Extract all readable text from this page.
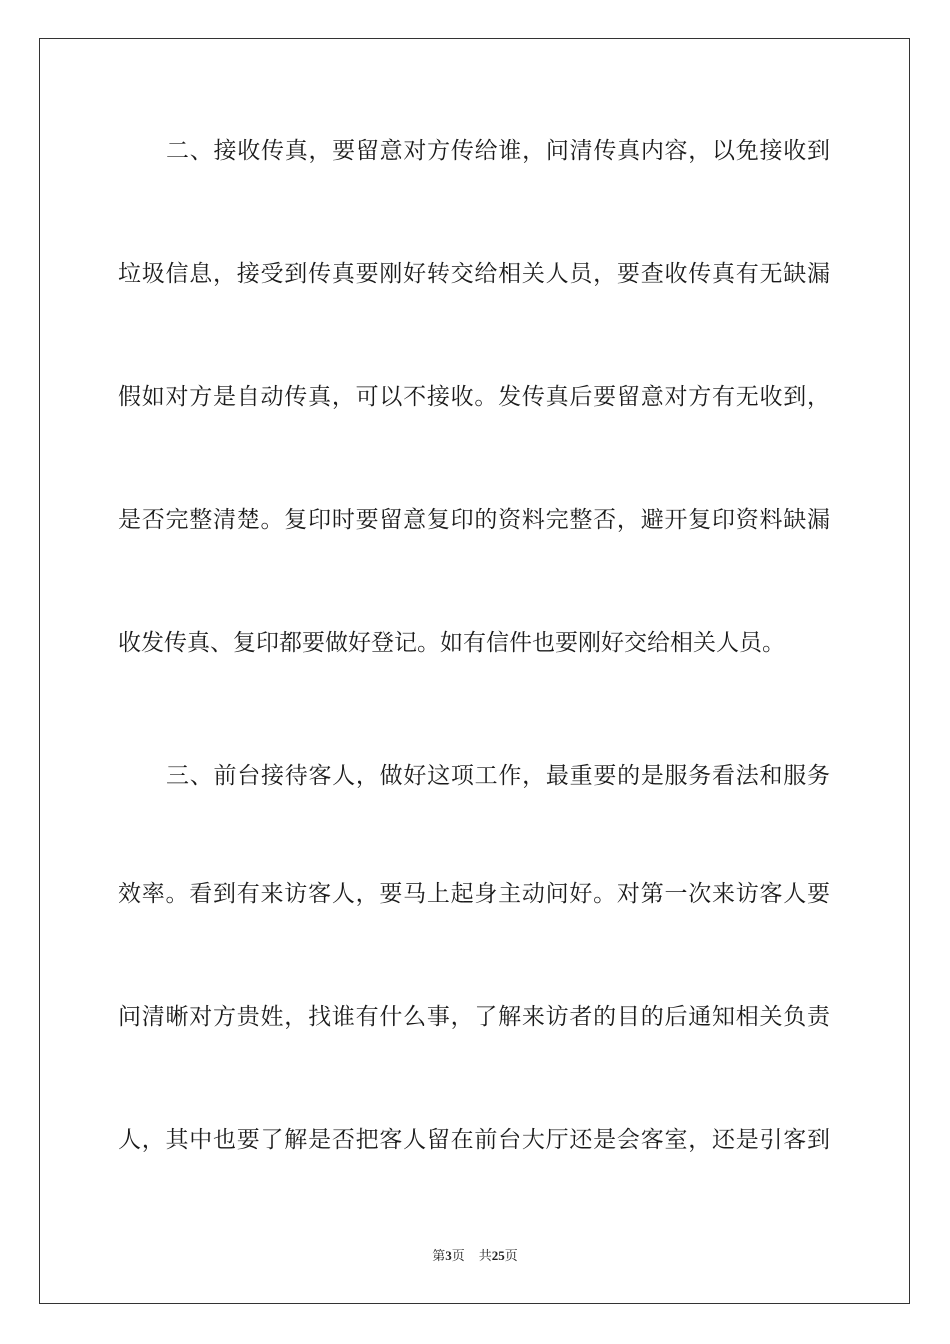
二、接收传真，要留意对方传给谁，问清传真内容，以免接收到
垃圾信息，接受到传真要刚好转交给相关人员，要查收传真有无缺漏
假如对方是自动传真，可以不接收。发传真后要留意对方有无收到，
是否完整清楚。复印时要留意复印的资料完整否，避开复印资料缺漏
收发传真、复印都要做好登记。如有信件也要刚好交给相关人员。
三、前台接待客人，做好这项工作，最重要的是服务看法和服务
效率。看到有来访客人，要马上起身主动问好。对第一次来访客人要
问清晰对方贵姓，找谁有什么事，了解来访者的目的后通知相关负责
人，其中也要了解是否把客人留在前台大厅还是会客室，还是引客到
第3页 共25页
